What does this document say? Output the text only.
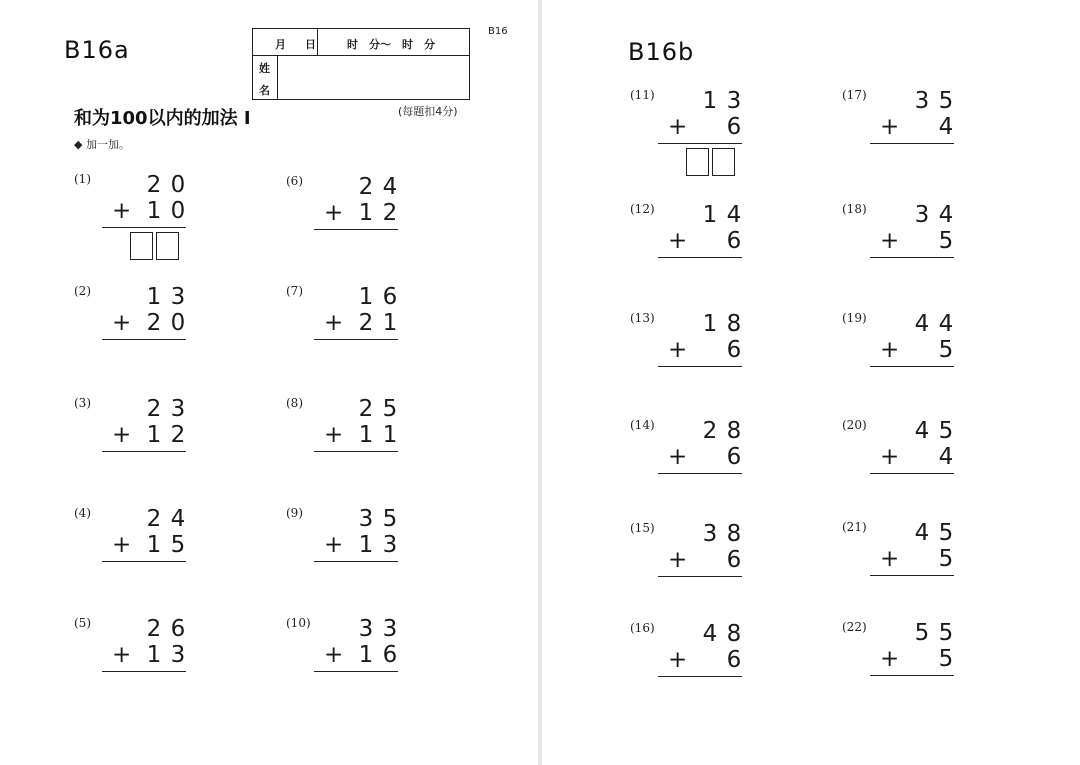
B16a
B16
月 日	时　分～　时　分
姓
名
和为100以内的加法 I	(每题扣4分)
◆ 加一加。
(1) 2 0
+ 1 0
(2) 1 3
+ 2 0
(3) 2 3
+ 1 2
(4) 2 4
+ 1 5
(5) 2 6
+ 1 3
(6) 2 4
+ 1 2
(7) 1 6
+ 2 1
(8) 2 5
+ 1 1
(9) 3 5
+ 1 3
(10) 3 3
+ 1 6
B16b
(11) 1 3
+ 6
(12) 1 4
+ 6
(13) 1 8
+ 6
(14) 2 8
+ 6
(15) 3 8
+ 6
(16) 4 8
+ 6
(17) 3 5
+ 4
(18) 3 4
+ 5
(19) 4 4
+ 5
(20) 4 5
+ 4
(21) 4 5
+ 5
(22) 5 5
+ 5
